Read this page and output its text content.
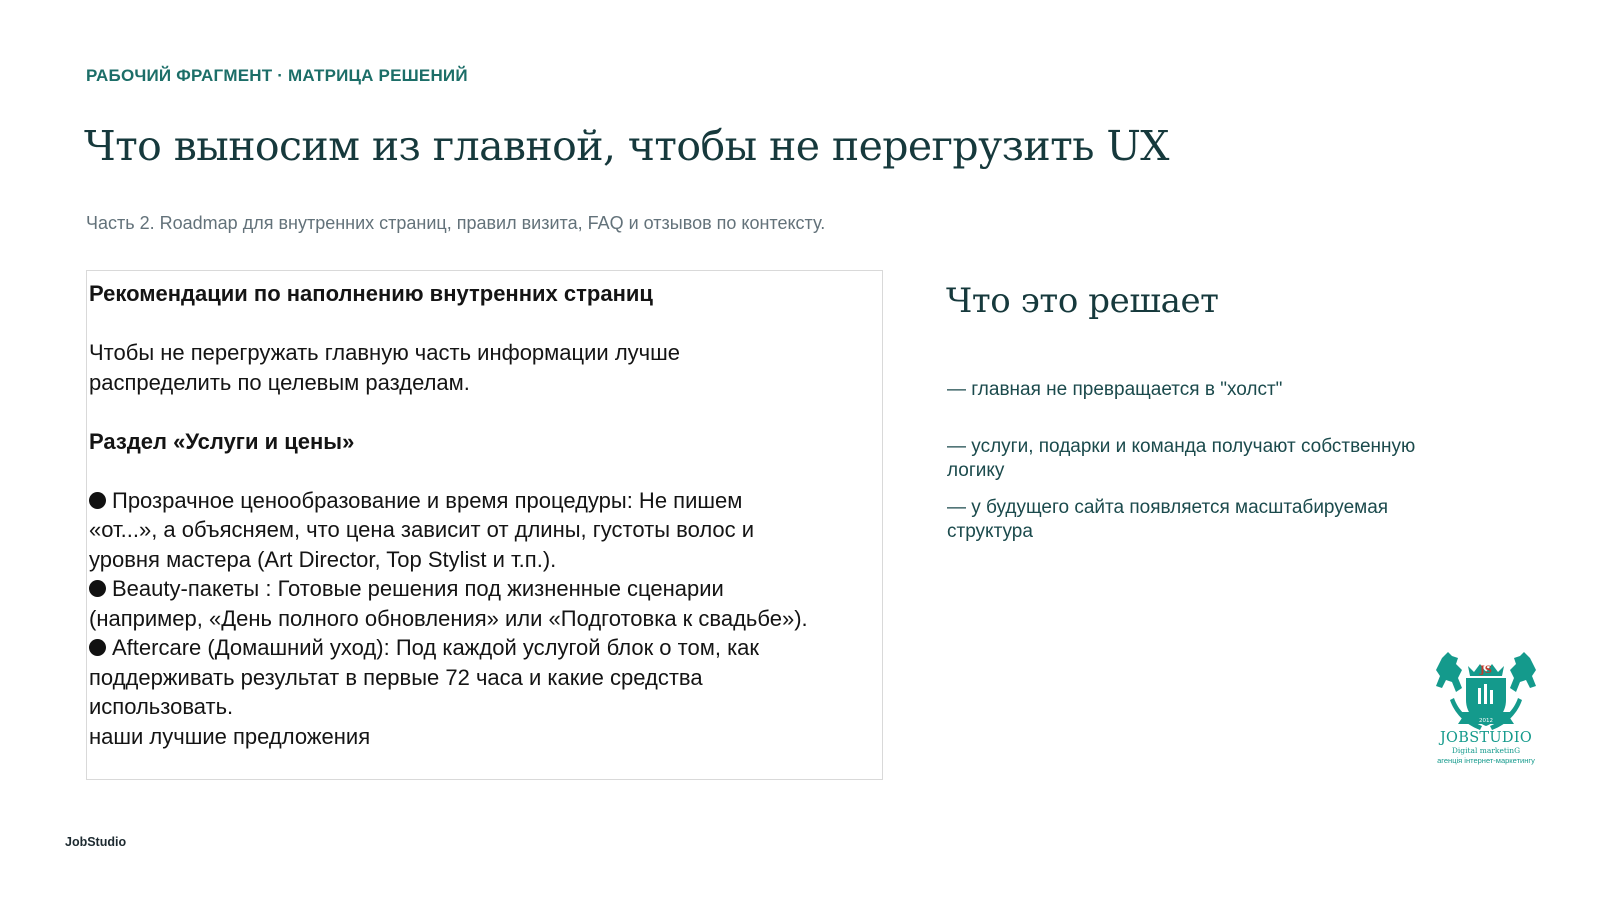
РАБОЧИЙ ФРАГМЕНТ · МАТРИЦА РЕШЕНИЙ
Что выносим из главной, чтобы не перегрузить UX
Часть 2. Roadmap для внутренних страниц, правил визита, FAQ и отзывов по контексту.

Рекомендации по наполнению внутренних страниц

Чтобы не перегружать главную часть информации лучше

распределить по целевым разделам.

Раздел «Услуги и цены»

Прозрачное ценообразование и время процедуры: Не пишем

«от...», а объясняем, что цена зависит от длины, густоты волос и

уровня мастера (Art Director, Top Stylist и т.п.).

Beauty-пакеты : Готовые решения под жизненные сценарии

(например, «День полного обновления» или «Подготовка к свадьбе»).

Aftercare (Домашний уход): Под каждой услугой блок о том, как

поддерживать результат в первые 72 часа и какие средства

использовать.

наши лучшие предложения

Что это решает
— главная не превращается в "холст"
— услуги, подарки и команда получают собственную логику
— у будущего сайта появляется масштабируемая структура
JS
2012
JOBSTUDIO
Digital marketinG
агенція інтернет-маркетингу
JobStudio
